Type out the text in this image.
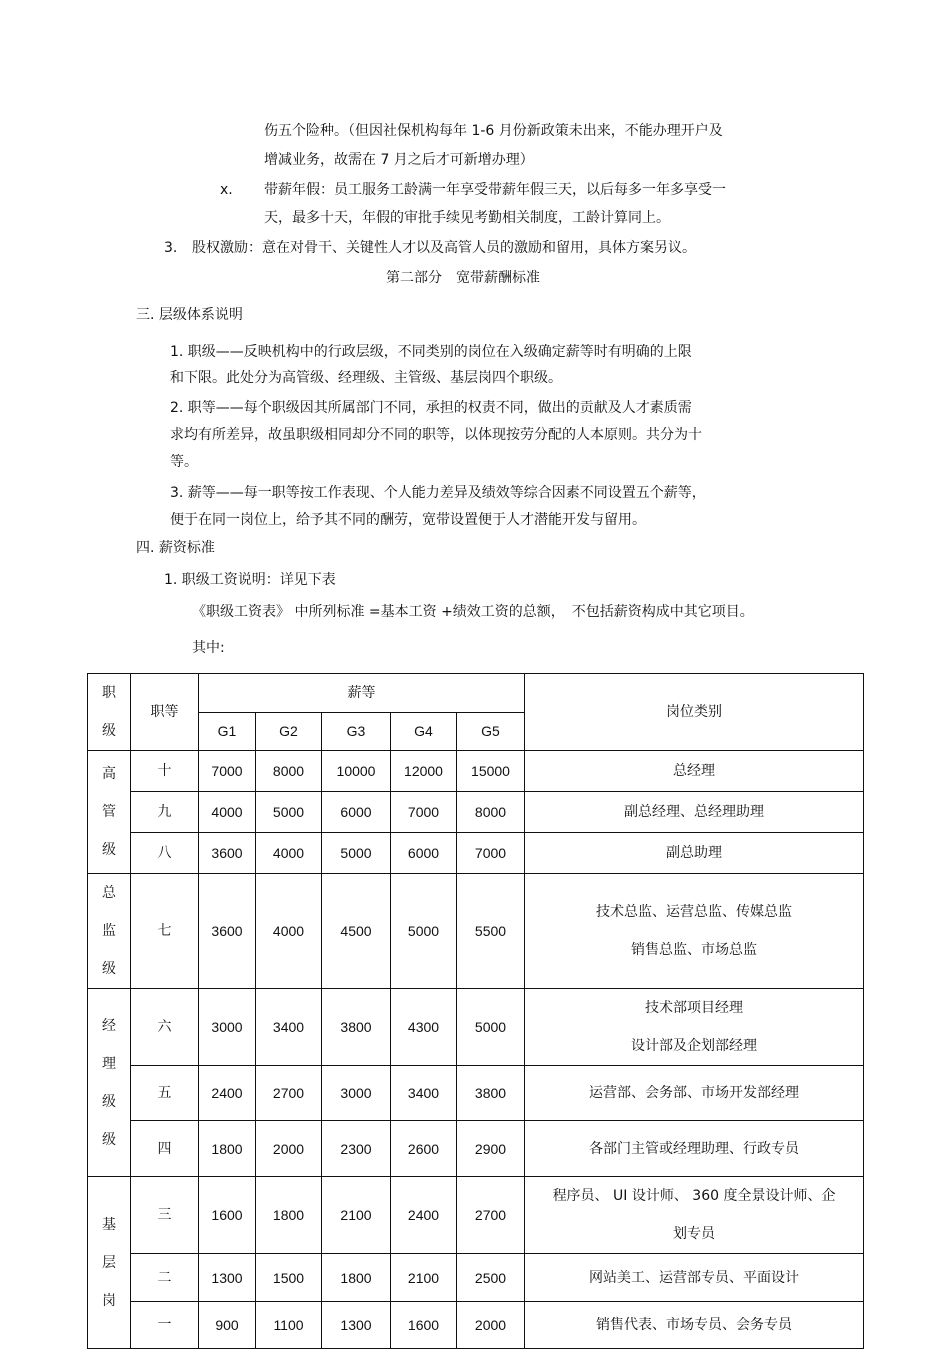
伤五个险种。（但因社保机构每年 1-6 月份新政策未出来，不能办理开户及
增减业务，故需在 7 月之后才可新增办理）
x. 带薪年假：员工服务工龄满一年享受带薪年假三天，以后每多一年多享受一
天，最多十天，年假的审批手续见考勤相关制度，工龄计算同上。
3. 股权激励：意在对骨干、关键性人才以及高管人员的激励和留用，具体方案另议。
第二部分　宽带薪酬标准
三. 层级体系说明
1. 职级——反映机构中的行政层级，不同类别的岗位在入级确定薪等时有明确的上限
和下限。此处分为高管级、经理级、主管级、基层岗四个职级。
2. 职等——每个职级因其所属部门不同，承担的权责不同，做出的贡献及人才素质需
求均有所差异，故虽职级相同却分不同的职等，以体现按劳分配的人本原则。共分为十
等。
3. 薪等——每一职等按工作表现、个人能力差异及绩效等综合因素不同设置五个薪等，
便于在同一岗位上，给予其不同的酬劳，宽带设置便于人才潜能开发与留用。
四. 薪资标准
1. 职级工资说明：详见下表
《职级工资表》 中所列标准 =基本工资 +绩效工资的总额，　不包括薪资构成中其它项目。
其中:
职级	职等	薪等					岗位类别
		G1	G2	G3	G4	G5	

高管级	十	7000	8000	10000	12000	15000	总经理
	九	4000	5000	6000	7000	8000	副总经理、总经理助理
	八	3600	4000	5000	6000	7000	副总助理

总监级	七	3600	4000	4500	5000	5500	技术总监、运营总监、传媒总监
销售总监、市场总监

经理级级	六	3000	3400	3800	4300	5000	技术部项目经理
设计部及企划部经理

	五	2400	2700	3000	3400	3800	运营部、会务部、市场开发部经理
	四	1800	2000	2300	2600	2900	各部门主管或经理助理、行政专员

基层岗	三	1600	1800	2100	2400	2700	程序员、 UI 设计师、 360 度全景设计师、企
划专员

	二	1300	1500	1800	2100	2500	网站美工、运营部专员、平面设计
	一	900	1100	1300	1600	2000	销售代表、市场专员、会务专员
